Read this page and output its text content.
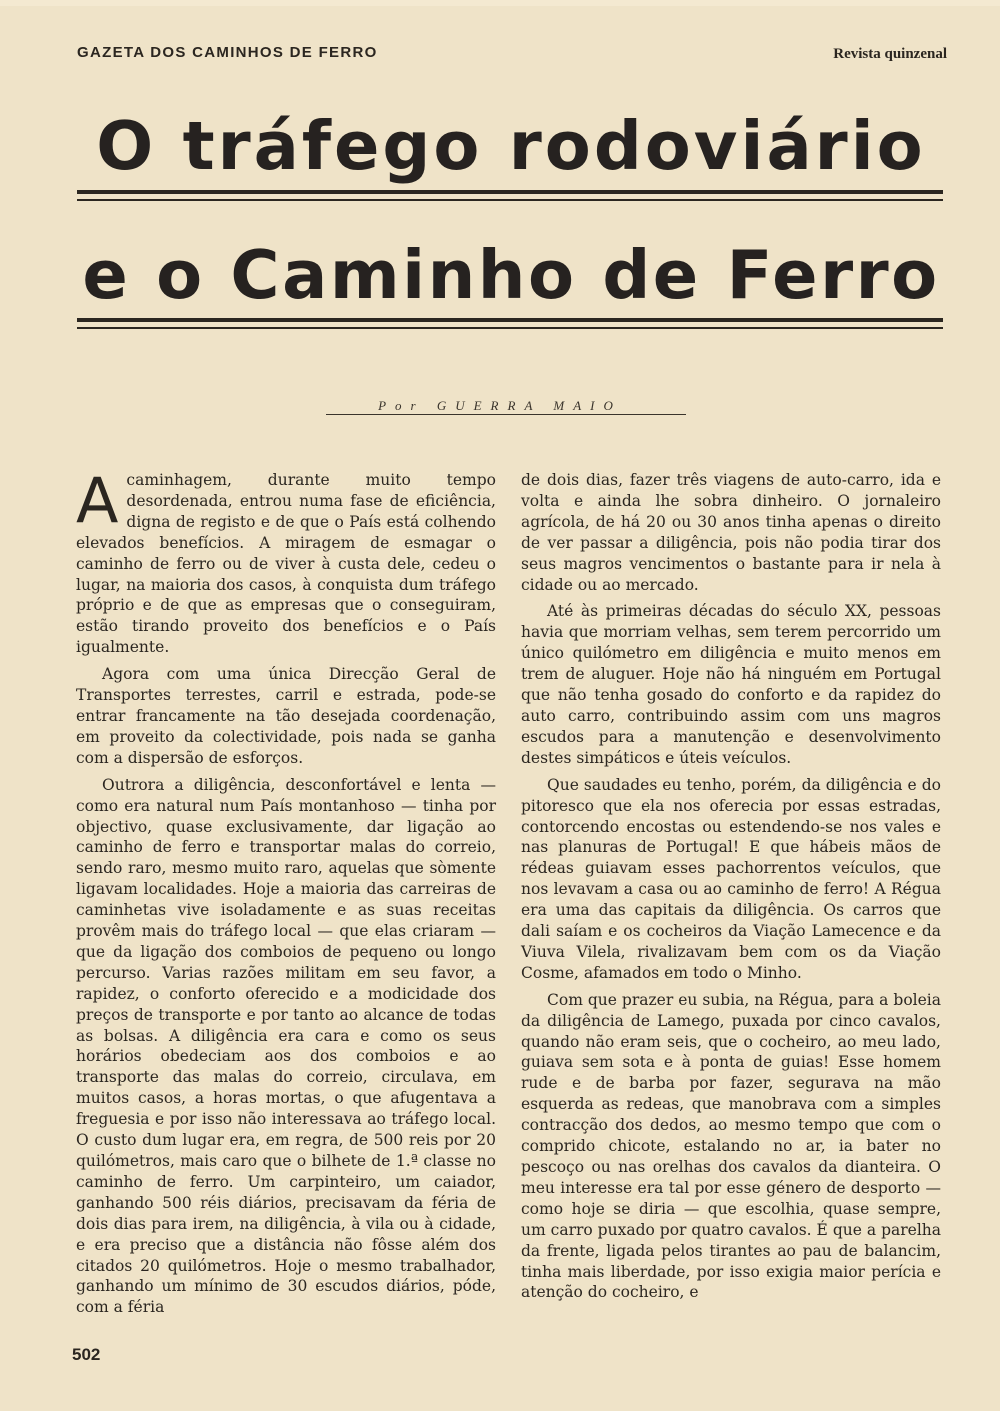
GAZETA DOS CAMINHOS DE FERRO	Revista quinzenal
O tráfego rodoviário
e o Caminho de Ferro
Por GUERRA MAIO

Acaminhagem, durante muito tempo desordenada, entrou numa fase de eficiência, digna de registo e de que o País está colhendo elevados benefícios. A miragem de esmagar o caminho de ferro ou de viver à custa dele, cedeu o lugar, na maioria dos casos, à conquista dum tráfego próprio e de que as empresas que o conseguiram, estão tirando proveito dos benefícios e o País igualmente.

Agora com uma única Direcção Geral de Transportes terrestes, carril e estrada, pode-se entrar francamente na tão desejada coordenação, em proveito da colectividade, pois nada se ganha com a dispersão de esforços.

Outrora a diligência, desconfortável e lenta — como era natural num País montanhoso — tinha por objectivo, quase exclusivamente, dar ligação ao caminho de ferro e transportar malas do correio, sendo raro, mesmo muito raro, aquelas que sòmente ligavam localidades. Hoje a maioria das carreiras de caminhetas vive isoladamente e as suas receitas provêm mais do tráfego local — que elas criaram — que da ligação dos comboios de pequeno ou longo percurso. Varias razões militam em seu favor, a rapidez, o conforto oferecido e a modicidade dos preços de transporte e por tanto ao alcance de todas as bolsas. A diligência era cara e como os seus horários obedeciam aos dos comboios e ao transporte das malas do correio, circulava, em muitos casos, a horas mortas, o que afugentava a freguesia e por isso não interessava ao tráfego local. O custo dum lugar era, em regra, de 500 reis por 20 quilómetros, mais caro que o bilhete de 1.ª classe no caminho de ferro. Um carpinteiro, um caiador, ganhando 500 réis diários, precisavam da féria de dois dias para irem, na diligência, à vila ou à cidade, e era preciso que a distância não fôsse além dos citados 20 quilómetros. Hoje o mesmo trabalhador, ganhando um mínimo de 30 escudos diários, póde, com a féria

de dois dias, fazer três viagens de auto-carro, ida e volta e ainda lhe sobra dinheiro. O jornaleiro agrícola, de há 20 ou 30 anos tinha apenas o direito de ver passar a diligência, pois não podia tirar dos seus magros vencimentos o bastante para ir nela à cidade ou ao mercado.

Até às primeiras décadas do século XX, pessoas havia que morriam velhas, sem terem percorrido um único quilómetro em diligência e muito menos em trem de aluguer. Hoje não há ninguém em Portugal que não tenha gosado do conforto e da rapidez do auto carro, contribuindo assim com uns magros escudos para a manutenção e desenvolvimento destes simpáticos e úteis veículos.

Que saudades eu tenho, porém, da diligência e do pitoresco que ela nos oferecia por essas estradas, contorcendo encostas ou estendendo-se nos vales e nas planuras de Portugal! E que hábeis mãos de rédeas guiavam esses pachorrentos veículos, que nos levavam a casa ou ao caminho de ferro! A Régua era uma das capitais da diligência. Os carros que dali saíam e os cocheiros da Viação Lamecence e da Viuva Vilela, rivalizavam bem com os da Viação Cosme, afamados em todo o Minho.

Com que prazer eu subia, na Régua, para a boleia da diligência de Lamego, puxada por cinco cavalos, quando não eram seis, que o cocheiro, ao meu lado, guiava sem sota e à ponta de guias! Esse homem rude e de barba por fazer, segurava na mão esquerda as redeas, que manobrava com a simples contracção dos dedos, ao mesmo tempo que com o comprido chicote, estalando no ar, ia bater no pescoço ou nas orelhas dos cavalos da dianteira. O meu interesse era tal por esse género de desporto — como hoje se diria — que escolhia, quase sempre, um carro puxado por quatro cavalos. É que a parelha da frente, ligada pelos tirantes ao pau de balancim, tinha mais liberdade, por isso exigia maior perícia e atenção do cocheiro, e

502
